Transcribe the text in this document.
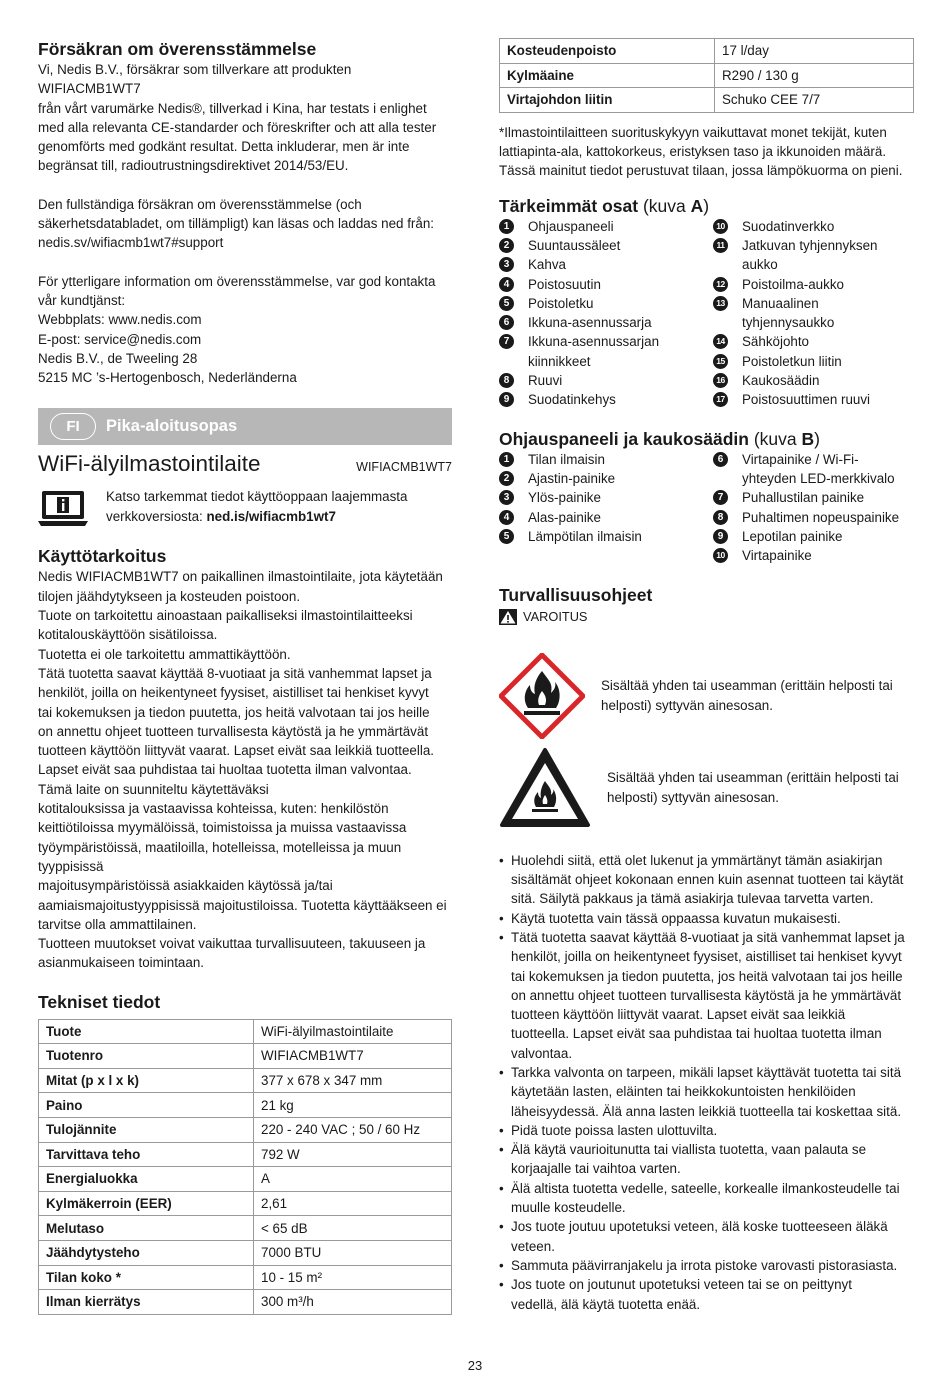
Försäkran om överensstämmelse

Vi, Nedis B.V., försäkrar som tillverkare att produkten WIFIACMB1WT7
från vårt varumärke Nedis®, tillverkad i Kina, har testats i enlighet
med alla relevanta CE-standarder och föreskrifter och att alla tester
genomförts med godkänt resultat. Detta inkluderar, men är inte
begränsat till, radioutrustningsdirektivet 2014/53/EU.

Den fullständiga försäkran om överensstämmelse (och
säkerhetsdatabladet, om tillämpligt) kan läsas och laddas ned från:
nedis.sv/wifiacmb1wt7#support

För ytterligare information om överensstämmelse, var god kontakta
vår kundtjänst:
Webbplats: www.nedis.com
E-post: service@nedis.com
Nedis B.V., de Tweeling 28
5215 MC ’s-Hertogenbosch, Nederländerna

FI	Pika-aloitusopas
WiFi-älyilmastointilaite	WIFIACMB1WT7

Katso tarkemmat tiedot käyttöoppaan laajemmasta
verkkoversiosta: ned.is/wifiacmb1wt7

Käyttötarkoitus

Nedis WIFIACMB1WT7 on paikallinen ilmastointilaite, jota käytetään
tilojen jäähdytykseen ja kosteuden poistoon.
Tuote on tarkoitettu ainoastaan paikalliseksi ilmastointilaitteeksi
kotitalouskäyttöön sisätiloissa.
Tuotetta ei ole tarkoitettu ammattikäyttöön.
Tätä tuotetta saavat käyttää 8-vuotiaat ja sitä vanhemmat lapset ja
henkilöt, joilla on heikentyneet fyysiset, aistilliset tai henkiset kyvyt
tai kokemuksen ja tiedon puutetta, jos heitä valvotaan tai jos heille
on annettu ohjeet tuotteen turvallisesta käytöstä ja he ymmärtävät
tuotteen käyttöön liittyvät vaarat. Lapset eivät saa leikkiä tuotteella.
Lapset eivät saa puhdistaa tai huoltaa tuotetta ilman valvontaa.
Tämä laite on suunniteltu käytettäväksi
kotitalouksissa ja vastaavissa kohteissa, kuten: henkilöstön
keittiötiloissa myymälöissä, toimistoissa ja muissa vastaavissa
työympäristöissä, maatiloilla, hotelleissa, motelleissa ja muun
tyyppisissä
majoitusympäristöissä asiakkaiden käytössä ja/tai
aamiaismajoitustyyppisissä majoitustiloissa. Tuotetta käyttääkseen ei
tarvitse olla ammattilainen.
Tuotteen muutokset voivat vaikuttaa turvallisuuteen, takuuseen ja
asianmukaiseen toimintaan.

Tekniset tiedot
Tuote	WiFi-älyilmastointilaite
Tuotenro	WIFIACMB1WT7
Mitat (p x l x k)	377 x 678 x 347 mm
Paino	21 kg
Tulojännite	220 - 240 VAC ; 50 / 60 Hz
Tarvittava teho	792 W
Energialuokka	A
Kylmäkerroin (EER)	2,61
Melutaso	< 65 dB
Jäähdytysteho	7000 BTU
Tilan koko *	10 - 15 m²
Ilman kierrätys	300 m³/h
Kosteudenpoisto	17 l/day
Kylmäaine	R290 / 130 g
Virtajohdon liitin	Schuko CEE 7/7

*Ilmastointilaitteen suorituskykyyn vaikuttavat monet tekijät, kuten
lattiapinta-ala, kattokorkeus, eristyksen taso ja ikkunoiden määrä.
Tässä mainitut tiedot perustuvat tilaan, jossa lämpökuorma on pieni.

Tärkeimmät osat (kuva A)
1	Ohjauspaneeli
2	Suuntaussäleet
3	Kahva
4	Poistosuutin
5	Poistoletku
6	Ikkuna-asennussarja
7	Ikkuna-asennussarjan
kiinnikkeet
8	Ruuvi
9	Suodatinkehys
10 Suodatinverkko
11 Jatkuvan tyhjennyksen
aukko
12 Poistoilma-aukko
13 Manuaalinen
tyhjennysaukko
14 Sähköjohto
15 Poistoletkun liitin
16 Kaukosäädin
17 Poistosuuttimen ruuvi
Ohjauspaneeli ja kaukosäädin (kuva B)
1	Tilan ilmaisin
2	Ajastin-painike
3	Ylös-painike
4	Alas-painike
5	Lämpötilan ilmaisin
6	Virtapainike / Wi-Fi-
yhteyden LED-merkkivalo
7	Puhallustilan painike
8	Puhaltimen nopeuspainike
9	Lepotilan painike
10 Virtapainike
Turvallisuusohjeet
VAROITUS

Sisältää yhden tai useamman (erittäin helposti tai
helposti) syttyvän ainesosan.

Sisältää yhden tai useamman (erittäin helposti tai
helposti) syttyvän ainesosan.

• Huolehdi siitä, että olet lukenut ja ymmärtänyt tämän asiakirjan
sisältämät ohjeet kokonaan ennen kuin asennat tuotteen tai käytät
sitä. Säilytä pakkaus ja tämä asiakirja tulevaa tarvetta varten.
• Käytä tuotetta vain tässä oppaassa kuvatun mukaisesti.
• Tätä tuotetta saavat käyttää 8-vuotiaat ja sitä vanhemmat lapset ja
henkilöt, joilla on heikentyneet fyysiset, aistilliset tai henkiset kyvyt
tai kokemuksen ja tiedon puutetta, jos heitä valvotaan tai jos heille
on annettu ohjeet tuotteen turvallisesta käytöstä ja he ymmärtävät
tuotteen käyttöön liittyvät vaarat. Lapset eivät saa leikkiä
tuotteella. Lapset eivät saa puhdistaa tai huoltaa tuotetta ilman
valvontaa.
• Tarkka valvonta on tarpeen, mikäli lapset käyttävät tuotetta tai sitä
käytetään lasten, eläinten tai heikkokuntoisten henkilöiden
läheisyydessä. Älä anna lasten leikkiä tuotteella tai koskettaa sitä.
• Pidä tuote poissa lasten ulottuvilta.
• Älä käytä vaurioitunutta tai viallista tuotetta, vaan palauta se
korjaajalle tai vaihtoa varten.
• Älä altista tuotetta vedelle, sateelle, korkealle ilmankosteudelle tai
muulle kosteudelle.
• Jos tuote joutuu upotetuksi veteen, älä koske tuotteeseen äläkä
veteen.
• Sammuta päävirranjakelu ja irrota pistoke varovasti pistorasiasta.
• Jos tuote on joutunut upotetuksi veteen tai se on peittynyt
vedellä, älä käytä tuotetta enää.
23
